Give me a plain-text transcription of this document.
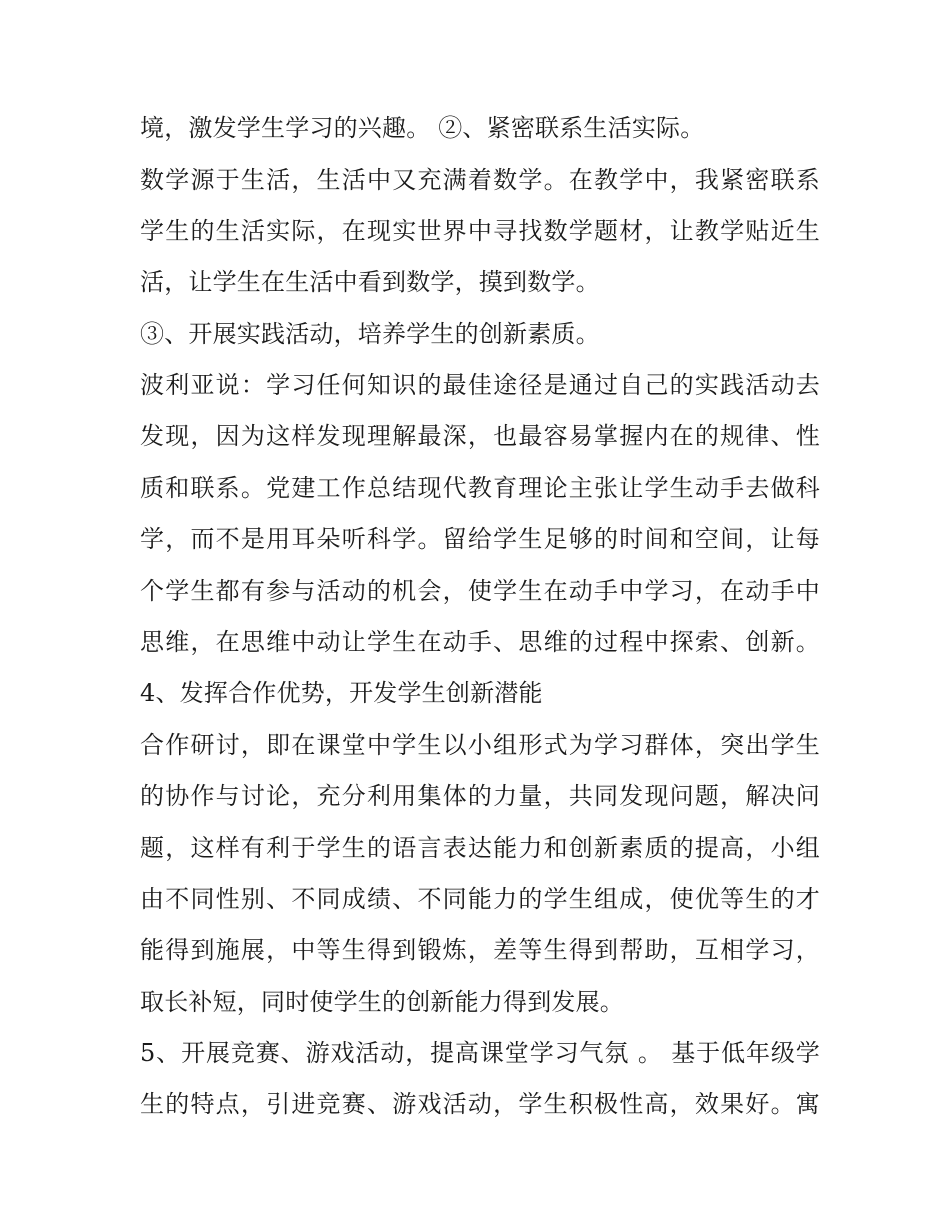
境，激发学生学习的兴趣。 ②、紧密联系生活实际。
数学源于生活，生活中又充满着数学。在教学中，我紧密联系
学生的生活实际，在现实世界中寻找数学题材，让教学贴近生
活，让学生在生活中看到数学，摸到数学。
③、开展实践活动，培养学生的创新素质。
波利亚说：学习任何知识的最佳途径是通过自己的实践活动去
发现，因为这样发现理解最深，也最容易掌握内在的规律、性
质和联系。党建工作总结现代教育理论主张让学生动手去做科
学，而不是用耳朵听科学。留给学生足够的时间和空间，让每
个学生都有参与活动的机会，使学生在动手中学习，在动手中
思维，在思维中动让学生在动手、思维的过程中探索、创新。
4、发挥合作优势，开发学生创新潜能
合作研讨，即在课堂中学生以小组形式为学习群体，突出学生
的协作与讨论，充分利用集体的力量，共同发现问题，解决问
题，这样有利于学生的语言表达能力和创新素质的提高，小组
由不同性别、不同成绩、不同能力的学生组成，使优等生的才
能得到施展，中等生得到锻炼，差等生得到帮助，互相学习，
取长补短，同时使学生的创新能力得到发展。
5、开展竞赛、游戏活动，提高课堂学习气氛 。 基于低年级学
生的特点，引进竞赛、游戏活动，学生积极性高，效果好。寓
